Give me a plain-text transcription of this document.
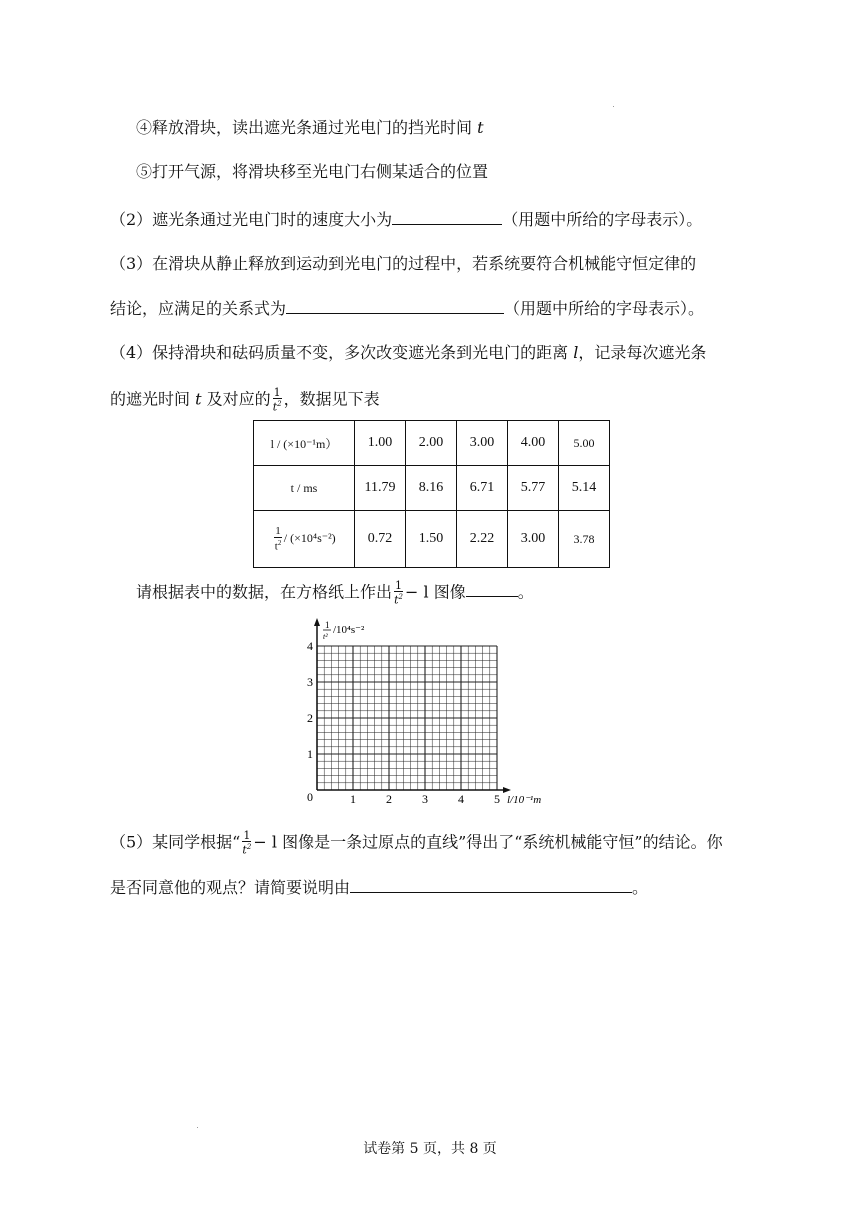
④释放滑块，读出遮光条通过光电门的挡光时间 t
⑤打开气源，将滑块移至光电门右侧某适合的位置
（2）遮光条通过光电门时的速度大小为	（用题中所给的字母表示）。
（3）在滑块从静止释放到运动到光电门的过程中，若系统要符合机械能守恒定律的
结论，应满足的关系式为	（用题中所给的字母表示）。
（4）保持滑块和砝码质量不变，多次改变遮光条到光电门的距离 l，记录每次遮光条
的遮光时间 t 及对应的 $\frac{1}{t^2}$ ，数据见下表
l / (×10⁻¹m）	1.00	2.00	3.00	4.00	5.00
t / ms	11.79	8.16	6.71	5.77	5.14

$\frac{1}{t^2} / (\times 10^4s^{-2})$	0.72	1.50	2.22	3.00	3.78
请根据表中的数据，在方格纸上作出 $\frac{1}{t^2} - l$ 图像	。
1
t²
/10⁴s⁻²
l/10⁻¹m
0
1
2
3
4
1	2	3	4	5
（5）某同学根据“ $\frac{1}{t^2} - l$ 图像是一条过原点的直线”得出了“系统机械能守恒”的结论。你
是否同意他的观点？请简要说明由	。
试卷第 5 页，共 8 页
